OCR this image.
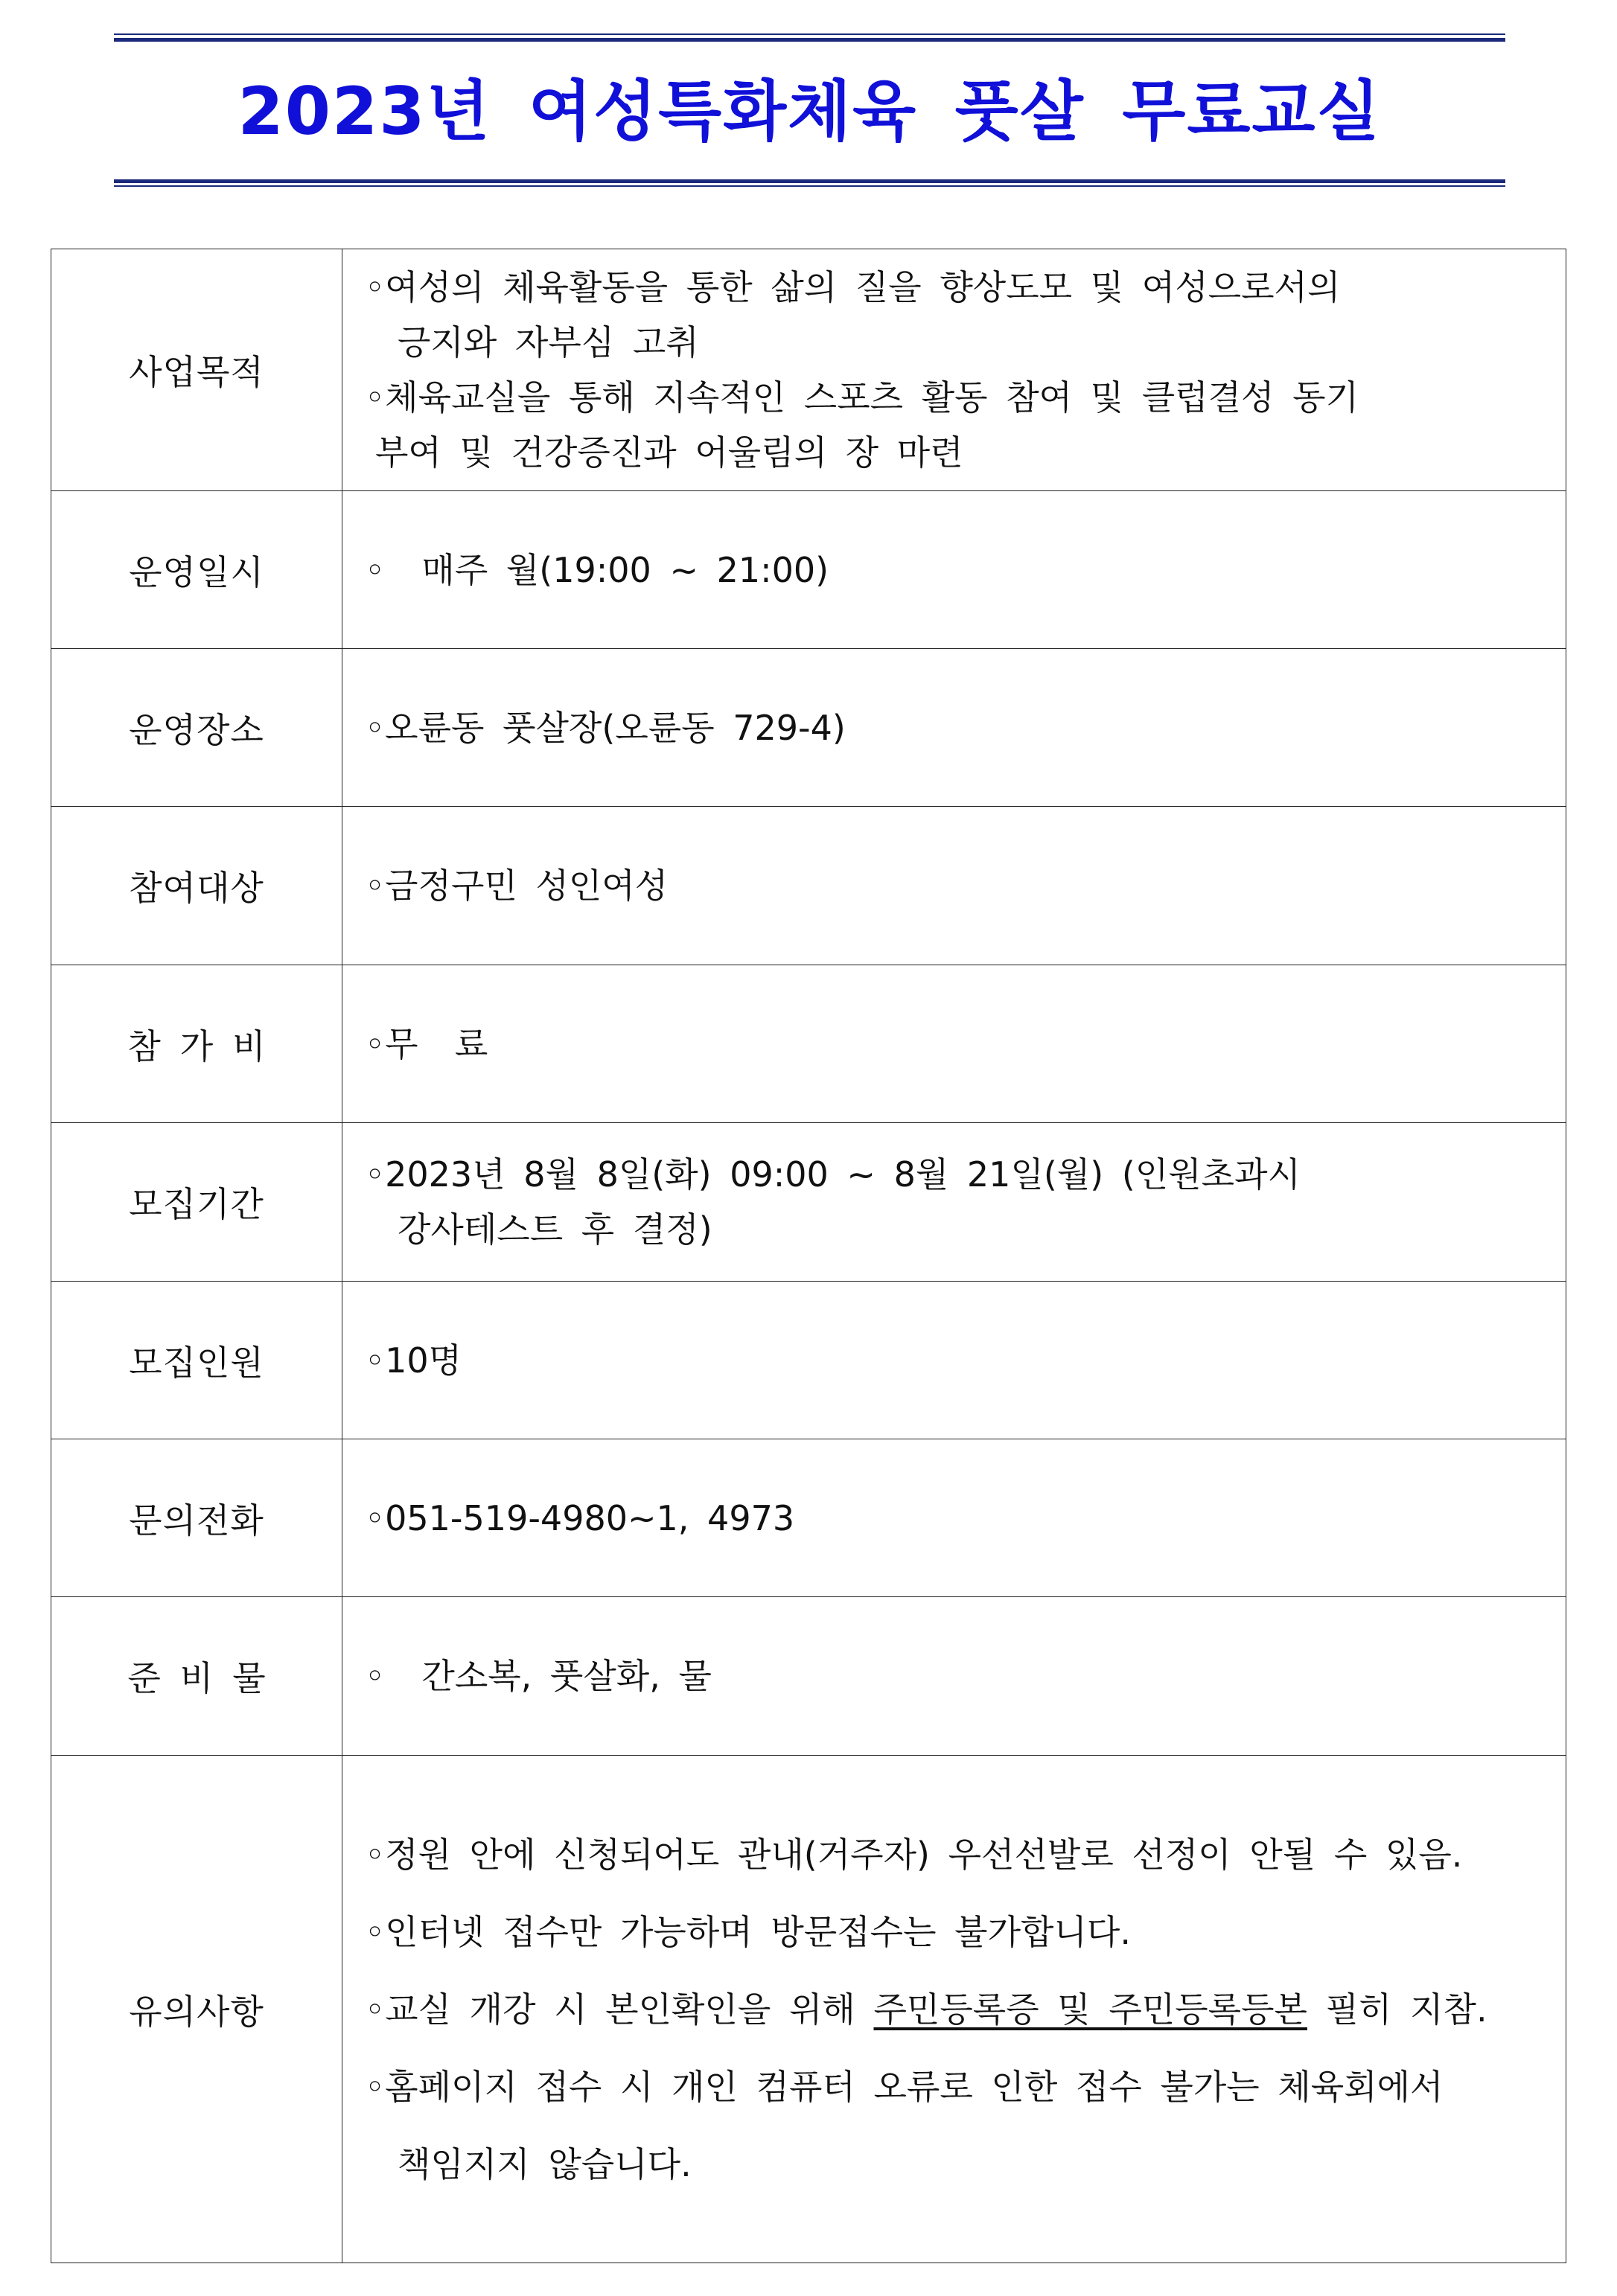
2023년 여성특화체육 풋살 무료교실
사업목적	◦여성의 체육활동을 통한 삶의 질을 향상도모 및 여성으로서의
긍지와 자부심 고취
◦체육교실을 통해 지속적인 스포츠 활동 참여 및 클럽결성 동기
부여 및 건강증진과 어울림의 장 마련

운영일시	◦  매주 월(19:00 ~ 21:00)

운영장소	◦오륜동 풋살장(오륜동 729-4)

참여대상	◦금정구민 성인여성

참가비	◦무  료

모집기간	◦2023년 8월 8일(화) 09:00 ~ 8월 21일(월) (인원초과시
강사테스트 후 결정)

모집인원	◦10명

문의전화	◦051-519-4980~1, 4973

준비물	◦  간소복, 풋살화, 물

유의사항	◦정원 안에 신청되어도 관내(거주자) 우선선발로 선정이 안될 수 있음.
◦인터넷 접수만 가능하며 방문접수는 불가합니다.
◦교실 개강 시 본인확인을 위해 주민등록증 및 주민등록등본 필히 지참.
◦홈페이지 접수 시 개인 컴퓨터 오류로 인한 접수 불가는 체육회에서
책임지지 않습니다.
